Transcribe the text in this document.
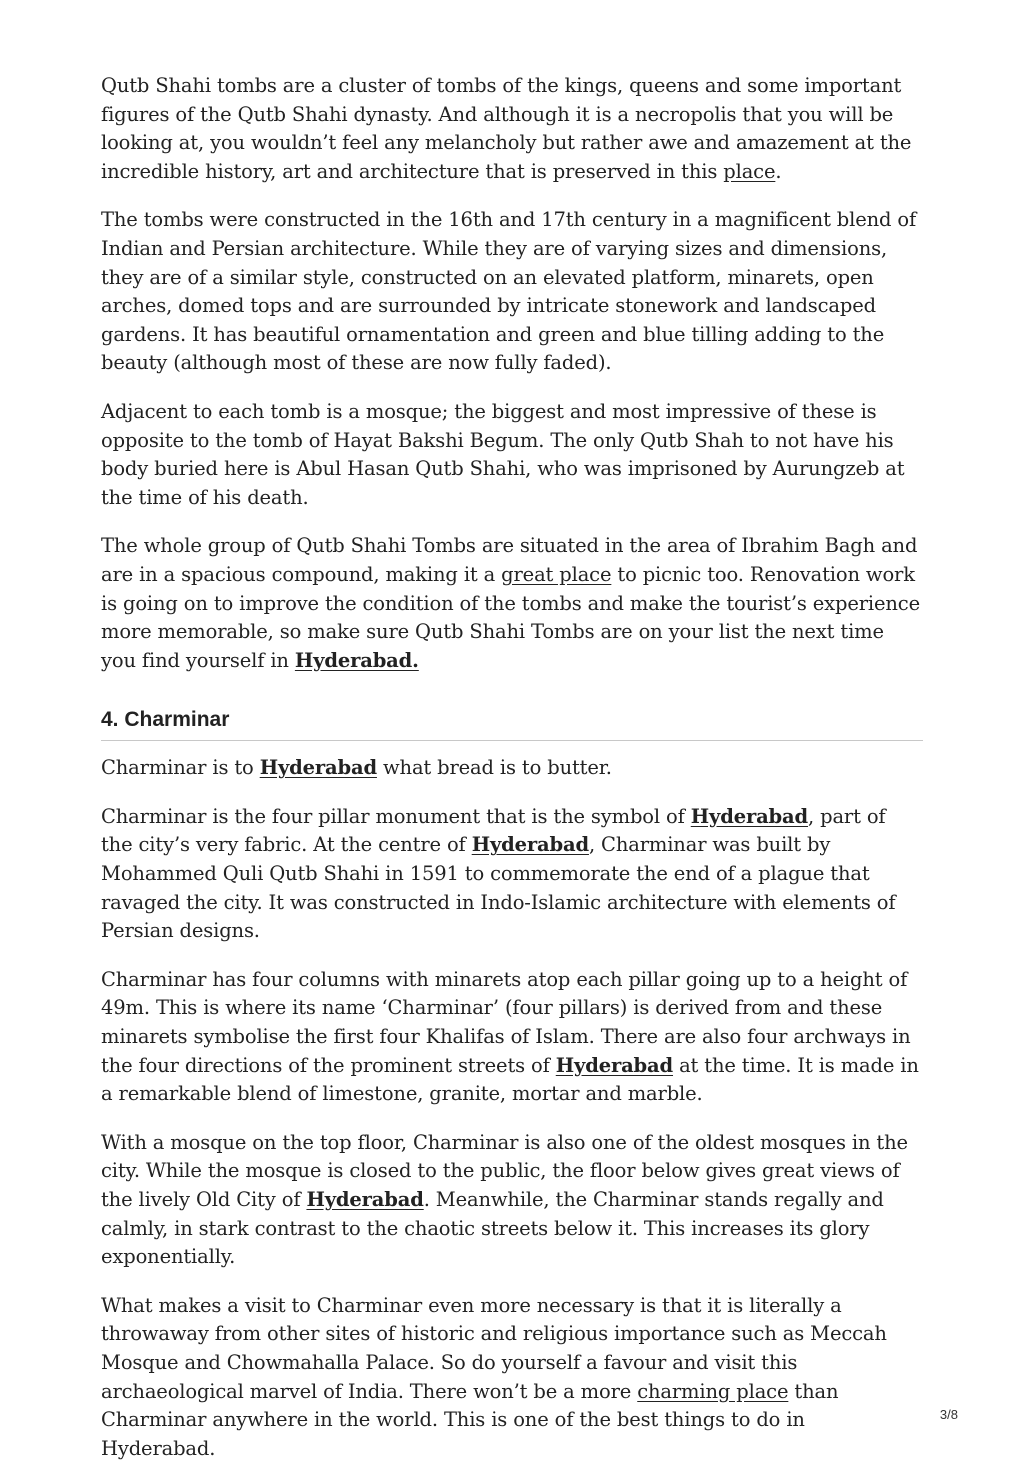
Qutb Shahi tombs are a cluster of tombs of the kings, queens and some important figures of the Qutb Shahi dynasty. And although it is a necropolis that you will be looking at, you wouldn’t feel any melancholy but rather awe and amazement at the incredible history, art and architecture that is preserved in this place.

The tombs were constructed in the 16th and 17th century in a magnificent blend of Indian and Persian architecture. While they are of varying sizes and dimensions, they are of a similar style, constructed on an elevated platform, minarets, open arches, domed tops and are surrounded by intricate stonework and landscaped gardens. It has beautiful ornamentation and green and blue tilling adding to the beauty (although most of these are now fully faded).

Adjacent to each tomb is a mosque; the biggest and most impressive of these is opposite to the tomb of Hayat Bakshi Begum. The only Qutb Shah to not have his body buried here is Abul Hasan Qutb Shahi, who was imprisoned by Aurungzeb at the time of his death.

The whole group of Qutb Shahi Tombs are situated in the area of Ibrahim Bagh and are in a spacious compound, making it a great place to picnic too. Renovation work is going on to improve the condition of the tombs and make the tourist’s experience more memorable, so make sure Qutb Shahi Tombs are on your list the next time you find yourself in Hyderabad.

4. Charminar

Charminar is to Hyderabad what bread is to butter.

Charminar is the four pillar monument that is the symbol of Hyderabad, part of the city’s very fabric. At the centre of Hyderabad, Charminar was built by Mohammed Quli Qutb Shahi in 1591 to commemorate the end of a plague that ravaged the city. It was constructed in Indo-Islamic architecture with elements of Persian designs.

Charminar has four columns with minarets atop each pillar going up to a height of 49m. This is where its name ‘Charminar’ (four pillars) is derived from and these minarets symbolise the first four Khalifas of Islam. There are also four archways in the four directions of the prominent streets of Hyderabad at the time. It is made in a remarkable blend of limestone, granite, mortar and marble.

With a mosque on the top floor, Charminar is also one of the oldest mosques in the city. While the mosque is closed to the public, the floor below gives great views of the lively Old City of Hyderabad. Meanwhile, the Charminar stands regally and calmly, in stark contrast to the chaotic streets below it. This increases its glory exponentially.

What makes a visit to Charminar even more necessary is that it is literally a throwaway from other sites of historic and religious importance such as Meccah Mosque and Chowmahalla Palace. So do yourself a favour and visit this archaeological marvel of India. There won’t be a more charming place than Charminar anywhere in the world. This is one of the best things to do in Hyderabad.

3/8
